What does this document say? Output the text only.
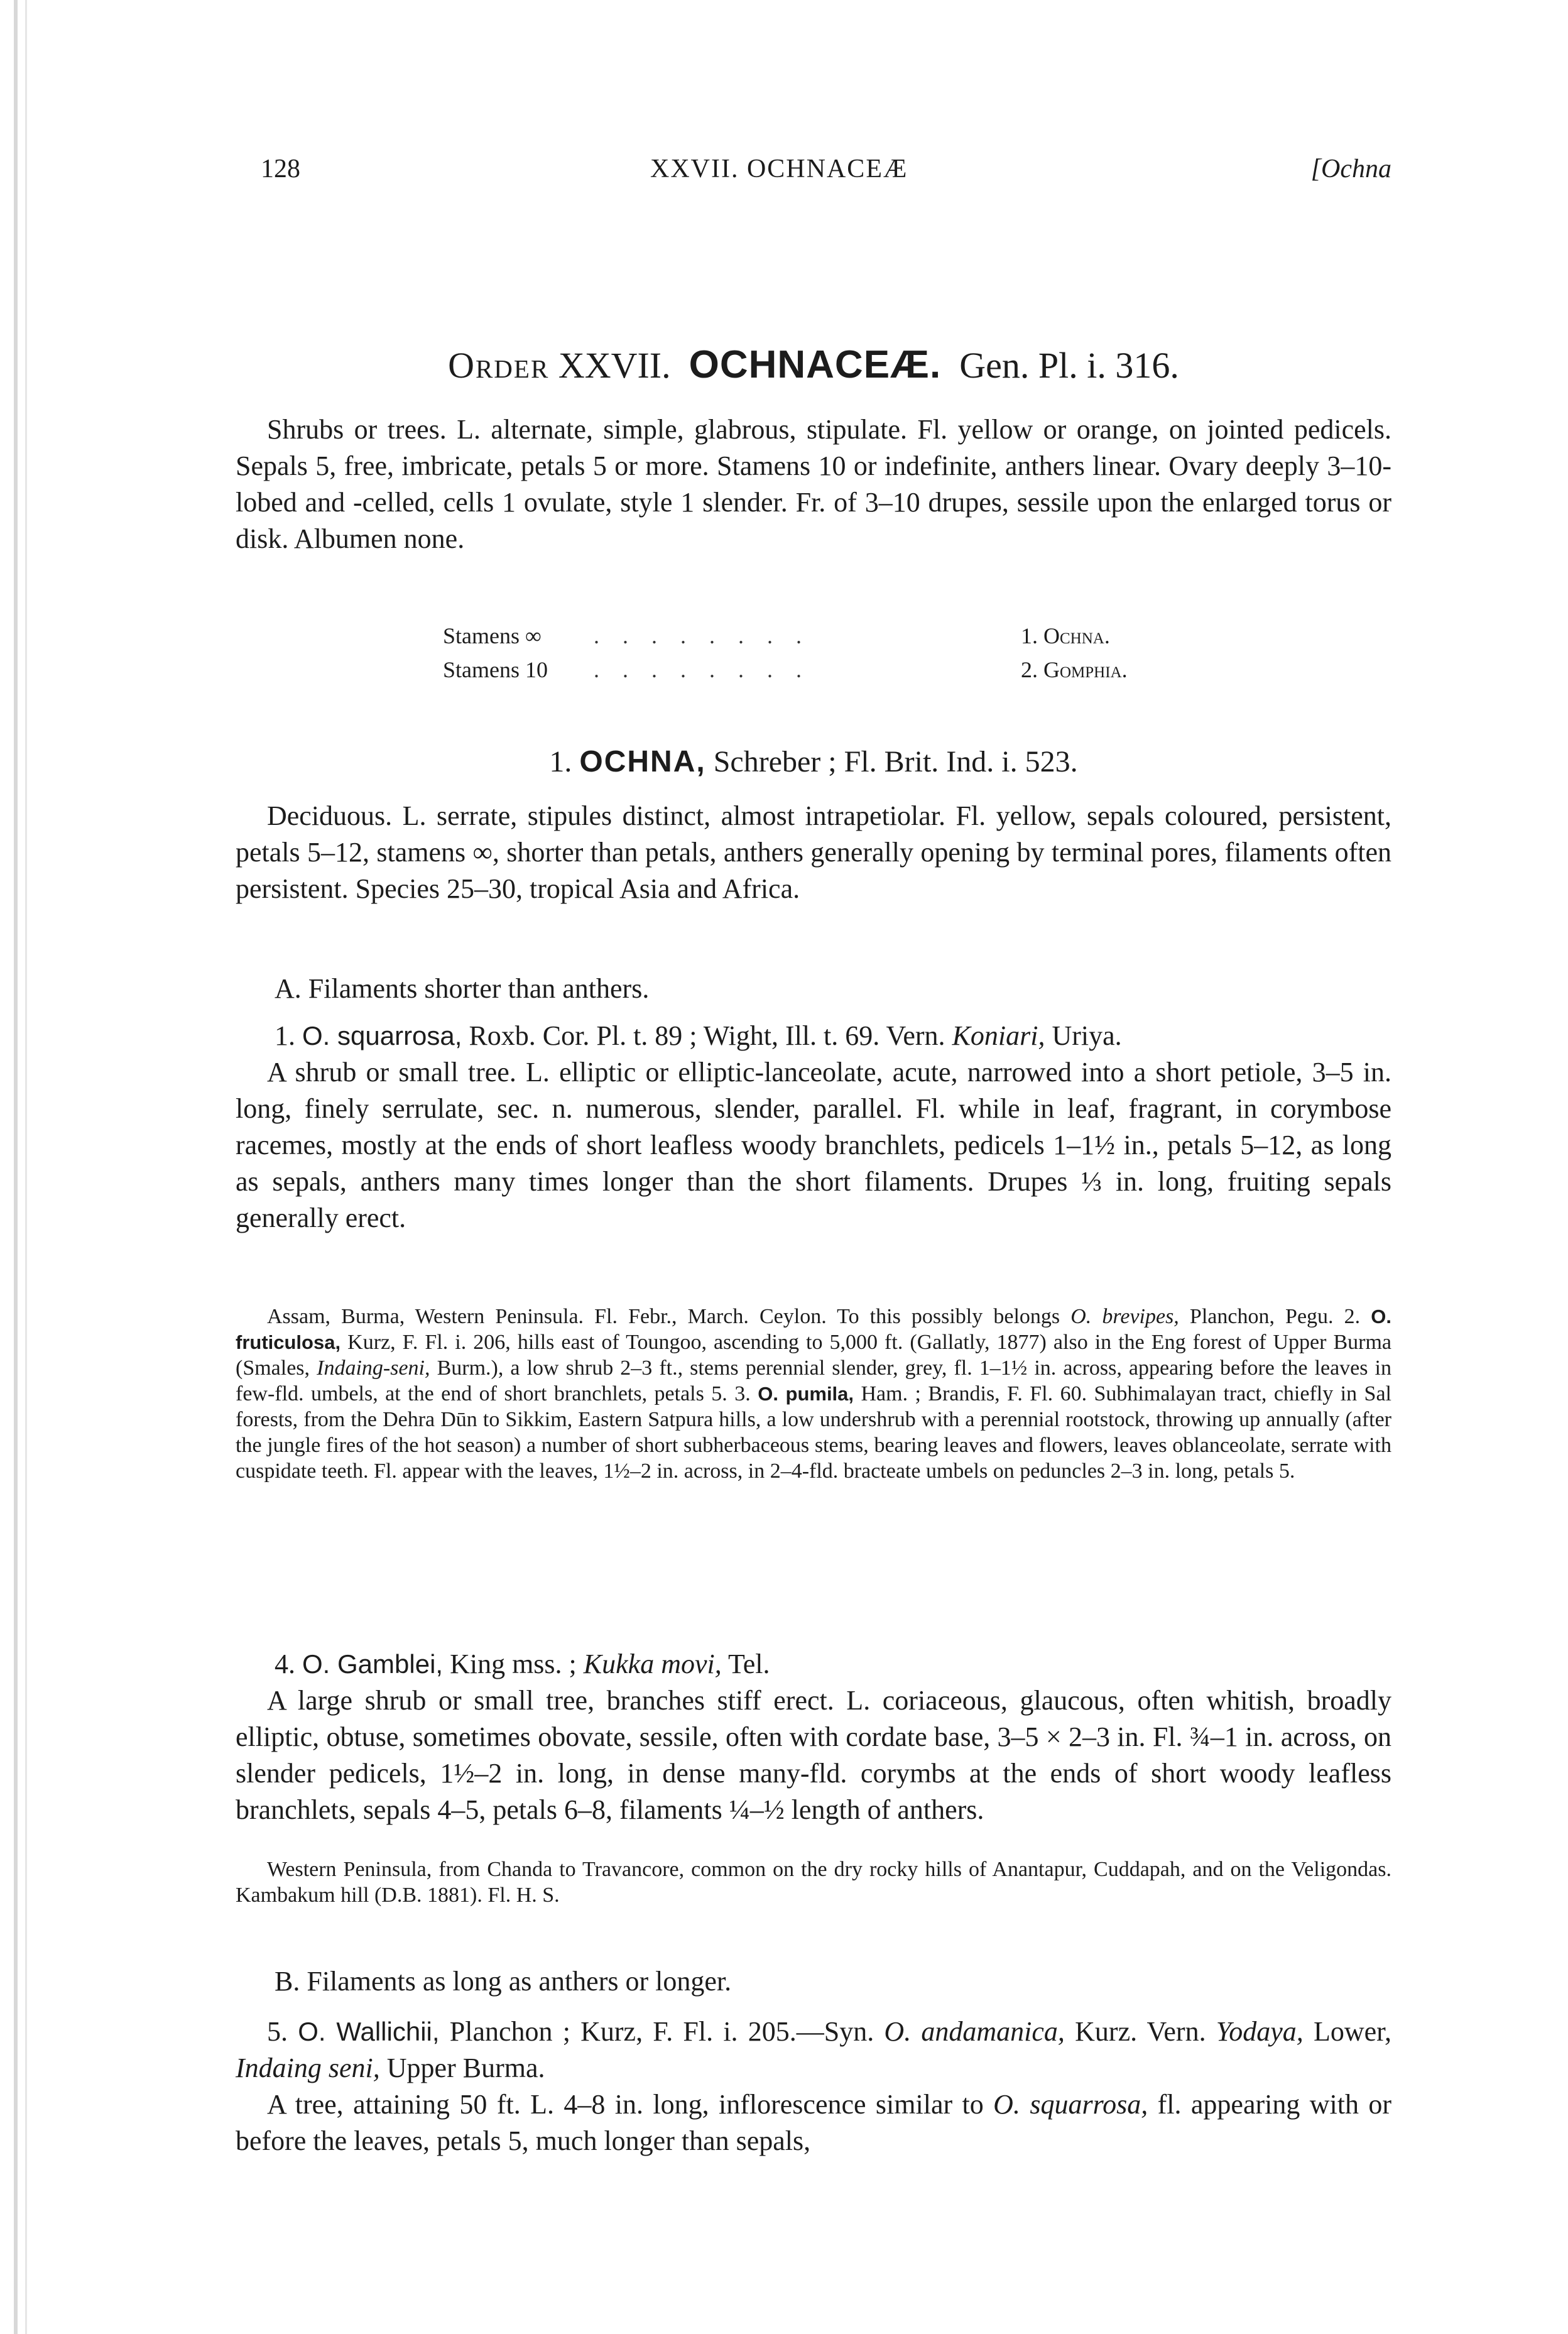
128	XXVII. OCHNACEÆ	[Ochna
Order XXVII. OCHNACEÆ. Gen. Pl. i. 316.
Shrubs or trees. L. alternate, simple, glabrous, stipulate. Fl. yellow or orange, on jointed pedicels. Sepals 5, free, imbricate, petals 5 or more. Stamens 10 or indefinite, anthers linear. Ovary deeply 3–10-lobed and -celled, cells 1 ovulate, style 1 slender. Fr. of 3–10 drupes, sessile upon the enlarged torus or disk. Albumen none.
Stamens ∞	. . . . . . . .	1. Ochna.
Stamens 10	. . . . . . . .	2. Gomphia.
1. OCHNA, Schreber ; Fl. Brit. Ind. i. 523.
Deciduous. L. serrate, stipules distinct, almost intrapetiolar. Fl. yellow, sepals coloured, persistent, petals 5–12, stamens ∞, shorter than petals, anthers generally opening by terminal pores, filaments often persistent. Species 25–30, tropical Asia and Africa.
A. Filaments shorter than anthers.
1. O. squarrosa, Roxb. Cor. Pl. t. 89 ; Wight, Ill. t. 69. Vern. Koniari, Uriya.
A shrub or small tree. L. elliptic or elliptic-lanceolate, acute, narrowed into a short petiole, 3–5 in. long, finely serrulate, sec. n. numerous, slender, parallel. Fl. while in leaf, fragrant, in corymbose racemes, mostly at the ends of short leafless woody branchlets, pedicels 1–1½ in., petals 5–12, as long as sepals, anthers many times longer than the short filaments. Drupes ⅓ in. long, fruiting sepals generally erect.
Assam, Burma, Western Peninsula. Fl. Febr., March. Ceylon. To this possibly belongs O. brevipes, Planchon, Pegu. 2. O. fruticulosa, Kurz, F. Fl. i. 206, hills east of Toungoo, ascending to 5,000 ft. (Gallatly, 1877) also in the Eng forest of Upper Burma (Smales, Indaing-seni, Burm.), a low shrub 2–3 ft., stems perennial slender, grey, fl. 1–1½ in. across, appearing before the leaves in few-fld. umbels, at the end of short branchlets, petals 5. 3. O. pumila, Ham. ; Brandis, F. Fl. 60. Subhimalayan tract, chiefly in Sal forests, from the Dehra Dūn to Sikkim, Eastern Satpura hills, a low undershrub with a perennial rootstock, throwing up annually (after the jungle fires of the hot season) a number of short subherbaceous stems, bearing leaves and flowers, leaves oblanceolate, serrate with cuspidate teeth. Fl. appear with the leaves, 1½–2 in. across, in 2–4-fld. bracteate umbels on peduncles 2–3 in. long, petals 5.
4. O. Gamblei, King mss. ; Kukka movi, Tel.
A large shrub or small tree, branches stiff erect. L. coriaceous, glaucous, often whitish, broadly elliptic, obtuse, sometimes obovate, sessile, often with cordate base, 3–5 × 2–3 in. Fl. ¾–1 in. across, on slender pedicels, 1½–2 in. long, in dense many-fld. corymbs at the ends of short woody leafless branchlets, sepals 4–5, petals 6–8, filaments ¼–½ length of anthers.
Western Peninsula, from Chanda to Travancore, common on the dry rocky hills of Anantapur, Cuddapah, and on the Veligondas. Kambakum hill (D.B. 1881). Fl. H. S.
B. Filaments as long as anthers or longer.
5. O. Wallichii, Planchon ; Kurz, F. Fl. i. 205.—Syn. O. andamanica, Kurz. Vern. Yodaya, Lower, Indaing seni, Upper Burma.
A tree, attaining 50 ft. L. 4–8 in. long, inflorescence similar to O. squarrosa, fl. appearing with or before the leaves, petals 5, much longer than sepals,
